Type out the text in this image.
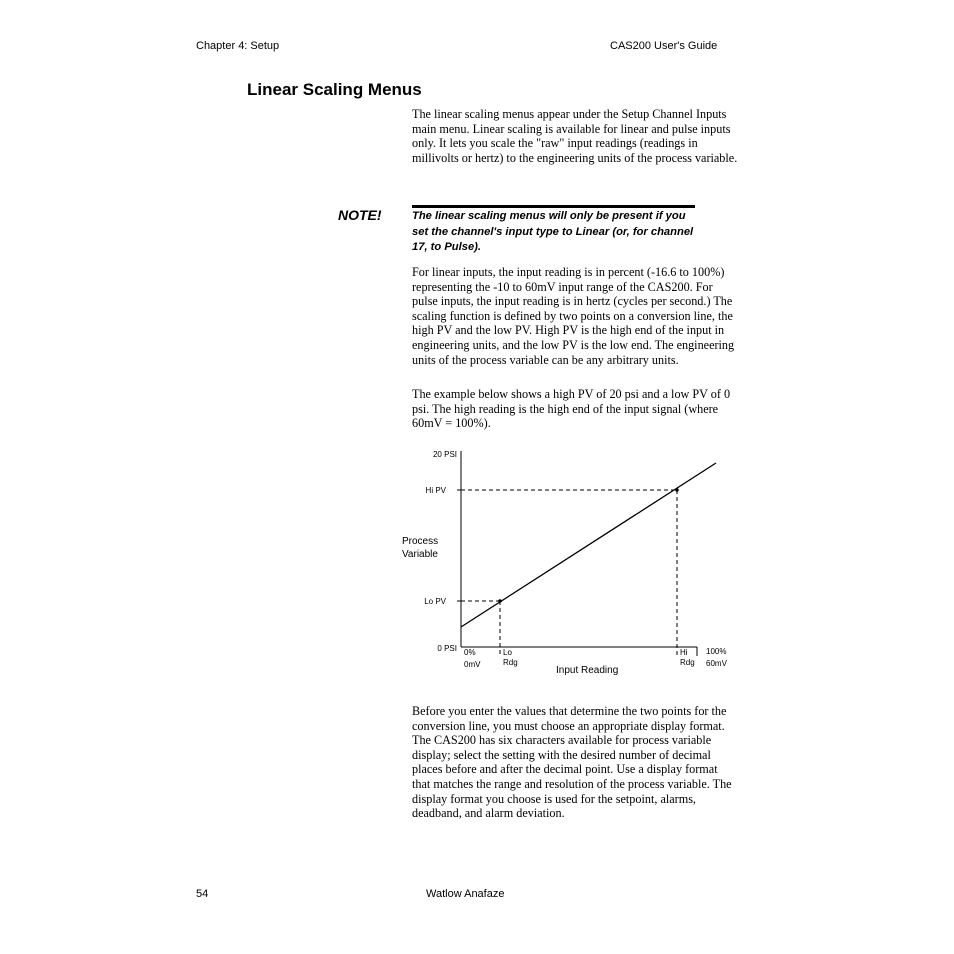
Chapter 4: Setup	CAS200 User's Guide
Linear Scaling Menus

The linear scaling menus appear under the Setup Channel Inputs main menu. Linear scaling is available for linear and pulse inputs only. It lets you scale the "raw" input readings (readings in millivolts or hertz) to the engineering units of the process variable.

NOTE!	The linear scaling menus will only be present if you set the channel's input type to Linear (or, for channel 17, to Pulse).

For linear inputs, the input reading is in percent (-16.6 to 100%) representing the -10 to 60mV input range of the CAS200. For pulse inputs, the input reading is in hertz (cycles per second.) The scaling function is defined by two points on a conversion line, the high PV and the low PV. High PV is the high end of the input in engineering units, and the low PV is the low end. The engineering units of the process variable can be any arbitrary units.

The example below shows a high PV of 20 psi and a low PV of 0 psi. The high reading is the high end of the input signal (where 60mV = 100%).

20 PSI
Hi PV
Lo PV
0 PSI
Process
Variable
0%
0mV
Lo
Rdg
Hi
Rdg
100%
60mV
Input Reading

Before you enter the values that determine the two points for the conversion line, you must choose an appropriate display format. The CAS200 has six characters available for process variable display; select the setting with the desired number of decimal places before and after the decimal point. Use a display format that matches the range and resolution of the process variable. The display format you choose is used for the setpoint, alarms, deadband, and alarm deviation.

54	Watlow Anafaze
